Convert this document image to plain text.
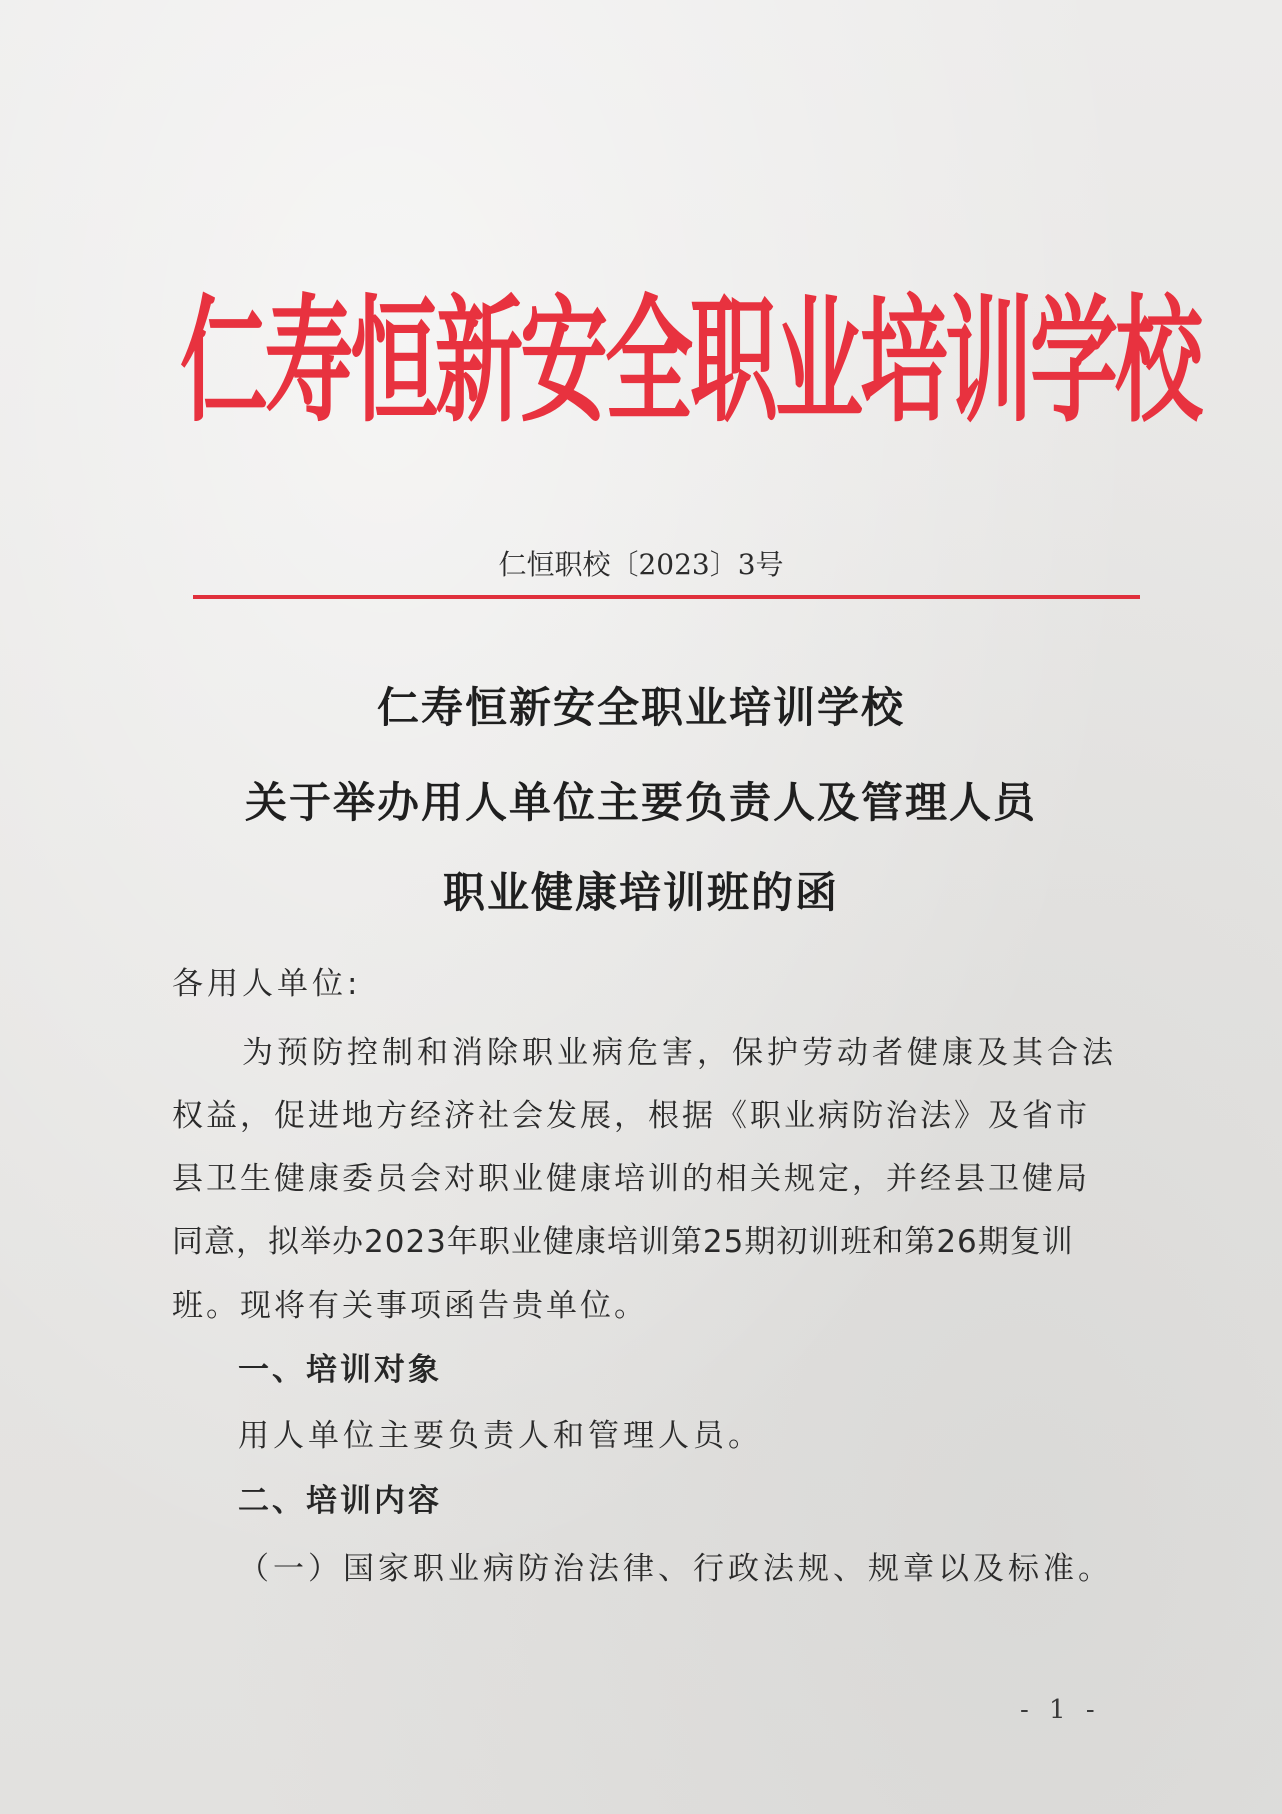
仁寿恒新安全职业培训学校

仁恒职校〔2023〕3号

仁寿恒新安全职业培训学校
关于举办用人单位主要负责人及管理人员
职业健康培训班的函

各用人单位:

为预防控制和消除职业病危害，保护劳动者健康及其合法

权益，促进地方经济社会发展，根据《职业病防治法》及省市

县卫生健康委员会对职业健康培训的相关规定，并经县卫健局

同意，拟举办2023年职业健康培训第25期初训班和第26期复训

班。现将有关事项函告贵单位。

一、培训对象

用人单位主要负责人和管理人员。

二、培训内容

（一）国家职业病防治法律、行政法规、规章以及标准。

- 1 -
